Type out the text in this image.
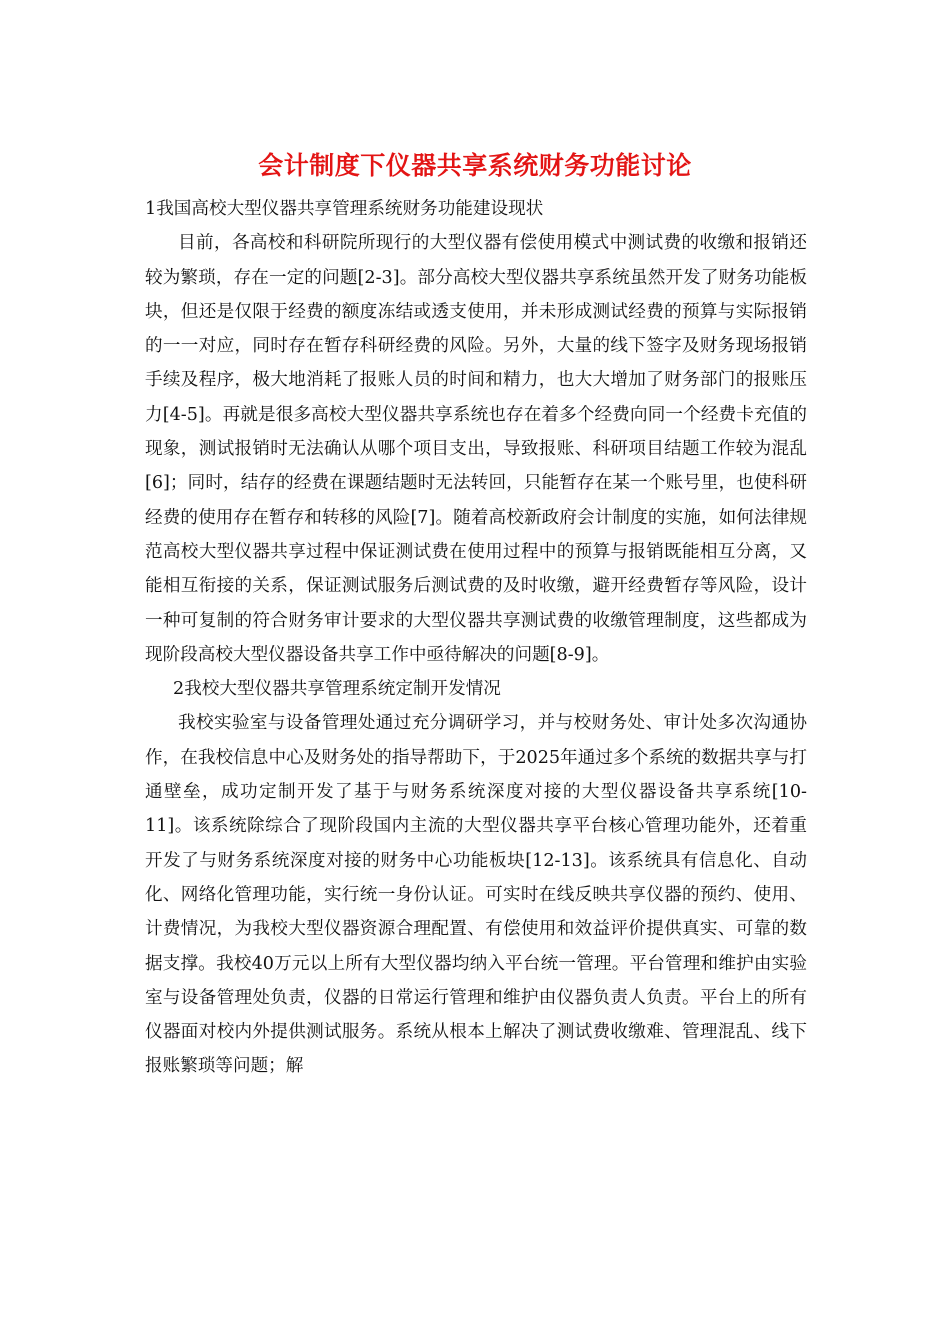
会计制度下仪器共享系统财务功能讨论
1我国高校大型仪器共享管理系统财务功能建设现状

目前，各高校和科研院所现行的大型仪器有偿使用模式中测试费的收缴和报销还较为繁琐，存在一定的问题[2-3]。部分高校大型仪器共享系统虽然开发了财务功能板块，但还是仅限于经费的额度冻结或透支使用，并未形成测试经费的预算与实际报销的一一对应，同时存在暂存科研经费的风险。另外，大量的线下签字及财务现场报销手续及程序，极大地消耗了报账人员的时间和精力，也大大增加了财务部门的报账压力[4-5]。再就是很多高校大型仪器共享系统也存在着多个经费向同一个经费卡充值的现象，测试报销时无法确认从哪个项目支出，导致报账、科研项目结题工作较为混乱[6]；同时，结存的经费在课题结题时无法转回，只能暂存在某一个账号里，也使科研经费的使用存在暂存和转移的风险[7]。随着高校新政府会计制度的实施，如何法律规范高校大型仪器共享过程中保证测试费在使用过程中的预算与报销既能相互分离，又能相互衔接的关系，保证测试服务后测试费的及时收缴，避开经费暂存等风险，设计一种可复制的符合财务审计要求的大型仪器共享测试费的收缴管理制度，这些都成为现阶段高校大型仪器设备共享工作中亟待解决的问题[8-9]。

2我校大型仪器共享管理系统定制开发情况

我校实验室与设备管理处通过充分调研学习，并与校财务处、审计处多次沟通协作，在我校信息中心及财务处的指导帮助下，于2025年通过多个系统的数据共享与打通壁垒，成功定制开发了基于与财务系统深度对接的大型仪器设备共享系统[10-11]。该系统除综合了现阶段国内主流的大型仪器共享平台核心管理功能外，还着重开发了与财务系统深度对接的财务中心功能板块[12-13]。该系统具有信息化、自动化、网络化管理功能，实行统一身份认证。可实时在线反映共享仪器的预约、使用、计费情况，为我校大型仪器资源合理配置、有偿使用和效益评价提供真实、可靠的数据支撑。我校40万元以上所有大型仪器均纳入平台统一管理。平台管理和维护由实验室与设备管理处负责，仪器的日常运行管理和维护由仪器负责人负责。平台上的所有仪器面对校内外提供测试服务。系统从根本上解决了测试费收缴难、管理混乱、线下报账繁琐等问题；解
